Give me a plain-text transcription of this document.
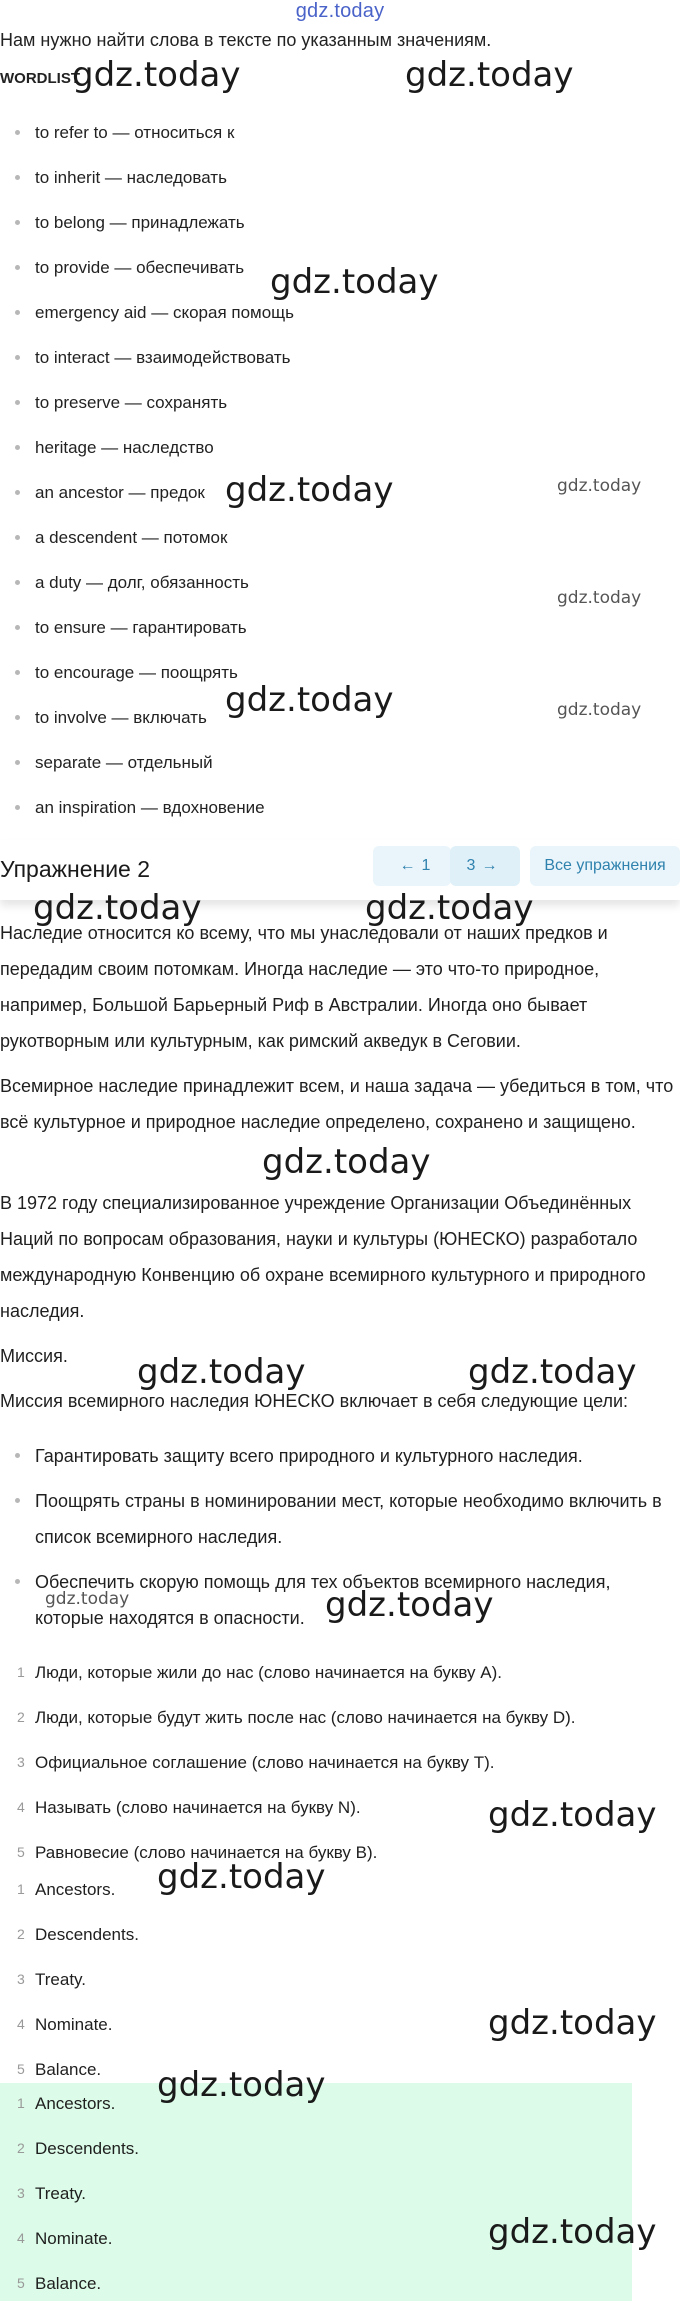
gdz.today
Нам нужно найти слова в тексте по указанным значениям.
WORDLIST
to refer to — относиться к
to inherit — наследовать
to belong — принадлежать
to provide — обеспечивать
emergency aid — скорая помощь
to interact — взаимодействовать
to preserve — сохранять
heritage — наследство
an ancestor — предок
a descendent — потомок
a duty — долг, обязанность
to ensure — гарантировать
to encourage — поощрять
to involve — включать
separate — отдельный
an inspiration — вдохновение
Упражнение 2	← 1	3 →	Все упражнения

Наследие относится ко всему, что мы унаследовали от наших предков и передадим своим потомкам. Иногда наследие — это что-то природное, например, Большой Барьерный Риф в Австралии. Иногда оно бывает рукотворным или культурным, как римский акведук в Сеговии.

Всемирное наследие принадлежит всем, и наша задача — убедиться в том, что всё культурное и природное наследие определено, сохранено и защищено.

В 1972 году специализированное учреждение Организации Объединённых Наций по вопросам образования, науки и культуры (ЮНЕСКО) разработало международную Конвенцию об охране всемирного культурного и природного наследия.

Миссия.

Миссия всемирного наследия ЮНЕСКО включает в себя следующие цели:

Гарантировать защиту всего природного и культурного наследия.
Поощрять страны в номинировании мест, которые необходимо включить в список всемирного наследия.
Обеспечить скорую помощь для тех объектов всемирного наследия, которые находятся в опасности.
1 Люди, которые жили до нас (слово начинается на букву A).
2 Люди, которые будут жить после нас (слово начинается на букву D).
3 Официальное соглашение (слово начинается на букву T).
4 Называть (слово начинается на букву N).
5 Равновесие (слово начинается на букву B).
1 Ancestors.
2 Descendents.
3 Treaty.
4 Nominate.
5 Balance.
1 Ancestors.
2 Descendents.
3 Treaty.
4 Nominate.
5 Balance.
gdz.today	gdz.today
gdz.today
gdz.today	gdz.today
gdz.today
gdz.today	gdz.today
gdz.today	gdz.today
gdz.today
gdz.today	gdz.today
gdz.today	gdz.today
gdz.today
gdz.today
gdz.today
gdz.today
gdz.today
